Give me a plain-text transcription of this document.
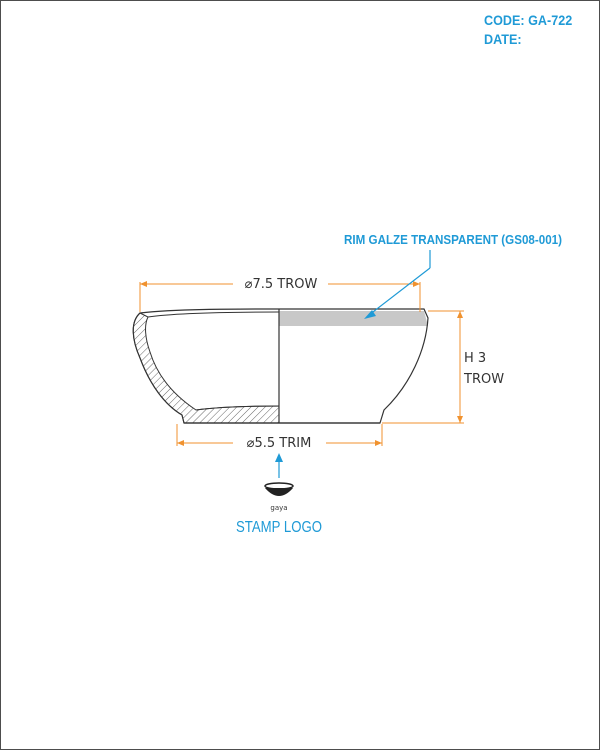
CODE: GA-722
DATE:
⌀7.5 TROW
H 3
TROW
⌀5.5 TRIM
RIM GALZE TRANSPARENT (GS08-001)
gaya
STAMP LOGO
